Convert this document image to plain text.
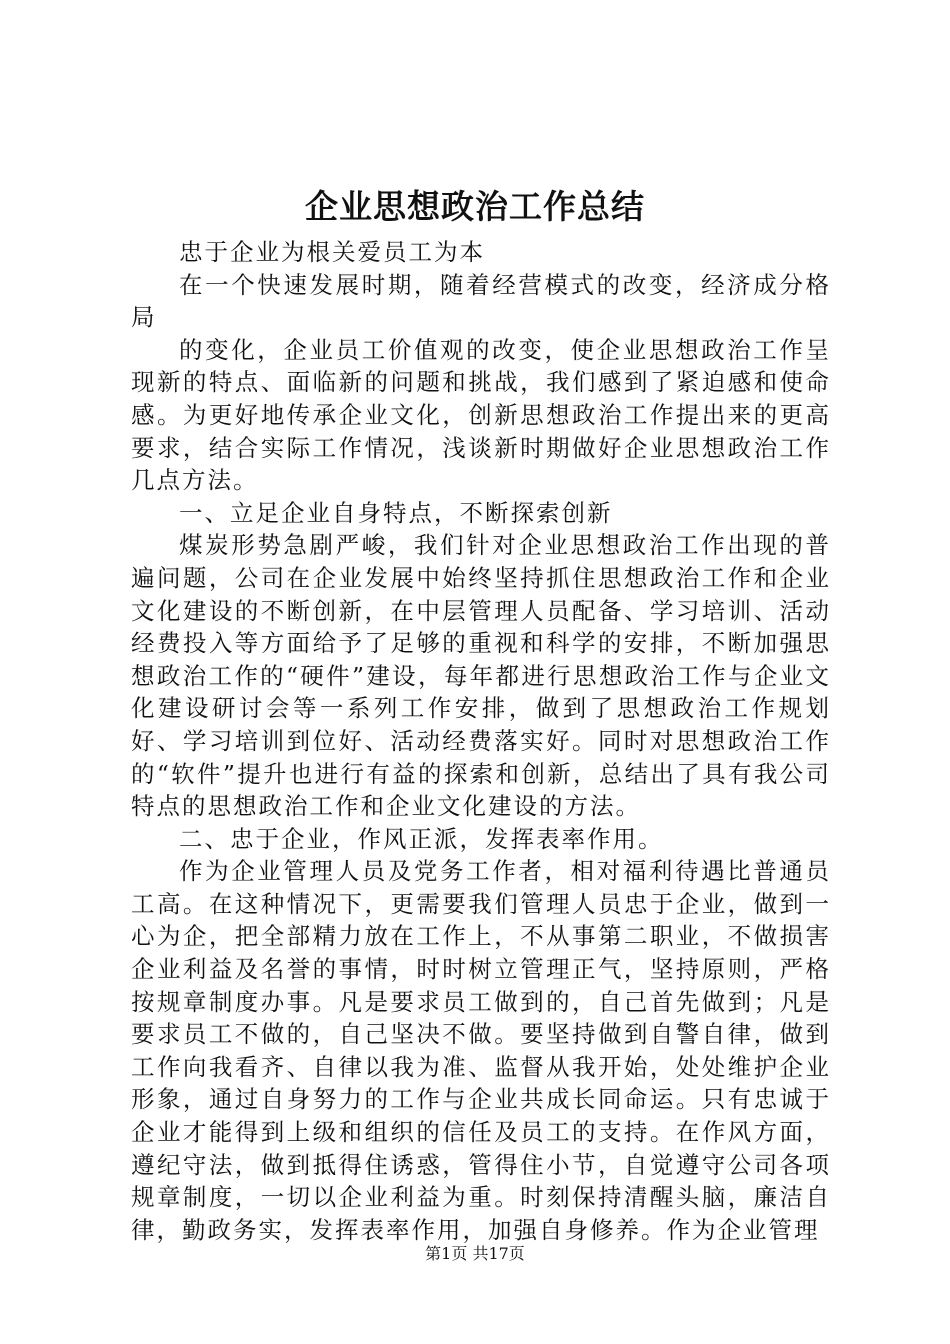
企业思想政治工作总结

忠于企业为根关爱员工为本

在一个快速发展时期，随着经营模式的改变，经济成分格局

的变化，企业员工价值观的改变，使企业思想政治工作呈现新的特点、面临新的问题和挑战，我们感到了紧迫感和使命感。为更好地传承企业文化，创新思想政治工作提出来的更高要求，结合实际工作情况，浅谈新时期做好企业思想政治工作几点方法。

一、立足企业自身特点，不断探索创新

煤炭形势急剧严峻，我们针对企业思想政治工作出现的普遍问题，公司在企业发展中始终坚持抓住思想政治工作和企业文化建设的不断创新，在中层管理人员配备、学习培训、活动经费投入等方面给予了足够的重视和科学的安排，不断加强思想政治工作的“硬件”建设，每年都进行思想政治工作与企业文化建设研讨会等一系列工作安排，做到了思想政治工作规划好、学习培训到位好、活动经费落实好。同时对思想政治工作的“软件”提升也进行有益的探索和创新，总结出了具有我公司特点的思想政治工作和企业文化建设的方法。

二、忠于企业，作风正派，发挥表率作用。

作为企业管理人员及党务工作者，相对福利待遇比普通员工高。在这种情况下，更需要我们管理人员忠于企业，做到一心为企，把全部精力放在工作上，不从事第二职业，不做损害企业利益及名誉的事情，时时树立管理正气，坚持原则，严格按规章制度办事。凡是要求员工做到的，自己首先做到；凡是要求员工不做的，自己坚决不做。要坚持做到自警自律，做到工作向我看齐、自律以我为准、监督从我开始，处处维护企业形象，通过自身努力的工作与企业共成长同命运。只有忠诚于企业才能得到上级和组织的信任及员工的支持。在作风方面，遵纪守法，做到抵得住诱惑，管得住小节，自觉遵守公司各项规章制度，一切以企业利益为重。时刻保持清醒头脑，廉洁自律，勤政务实，发挥表率作用，加强自身修养。作为企业管理

第1页 共17页
